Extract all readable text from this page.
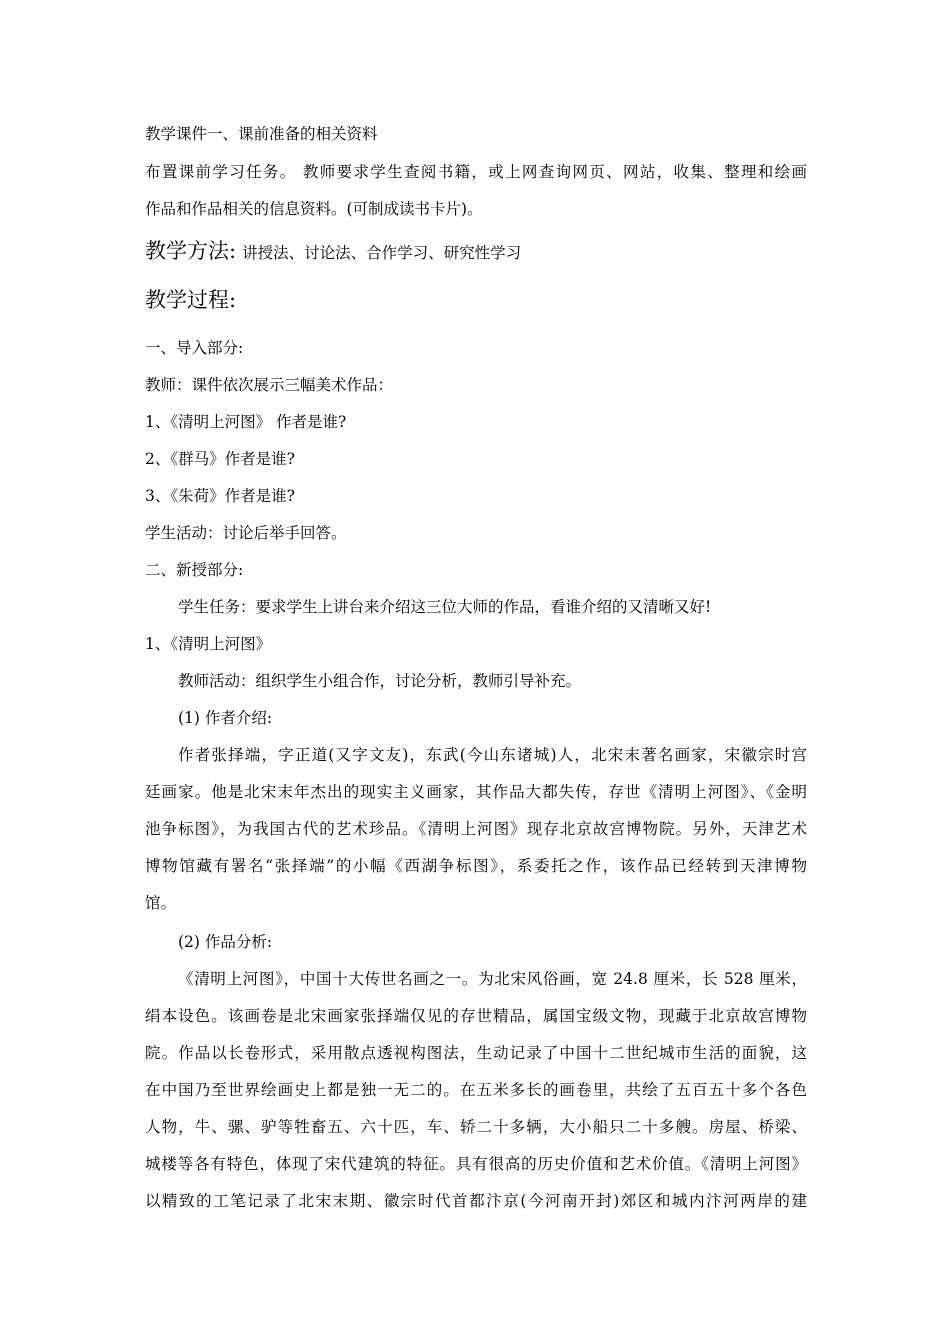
教学课件一、课前准备的相关资料
布置课前学习任务。 教师要求学生查阅书籍，或上网查询网页、网站，收集、整理和绘画
作品和作品相关的信息资料。(可制成读书卡片)。
教学方法: 讲授法、讨论法、合作学习、研究性学习
教学过程:
一、导入部分:
教师：课件依次展示三幅美术作品：
1、《清明上河图》 作者是谁?
2、《群马》作者是谁?
3、《朱荷》作者是谁?
学生活动：讨论后举手回答。
二、新授部分:
学生任务：要求学生上讲台来介绍这三位大师的作品，看谁介绍的又清晰又好!
1、《清明上河图》
教师活动：组织学生小组合作，讨论分析，教师引导补充。
(1) 作者介绍:
作者张择端，字正道(又字文友)，东武(今山东诸城)人，北宋末著名画家，宋徽宗时宫
廷画家。他是北宋末年杰出的现实主义画家，其作品大都失传，存世《清明上河图》、《金明
池争标图》，为我国古代的艺术珍品。《清明上河图》现存北京故宫博物院。另外，天津艺术
博物馆藏有署名“张择端”的小幅《西湖争标图》，系委托之作，该作品已经转到天津博物
馆。
(2) 作品分析:
《清明上河图》，中国十大传世名画之一。为北宋风俗画，宽 24.8 厘米，长 528 厘米，
绢本设色。该画卷是北宋画家张择端仅见的存世精品，属国宝级文物，现藏于北京故宫博物
院。作品以长卷形式，采用散点透视构图法，生动记录了中国十二世纪城市生活的面貌，这
在中国乃至世界绘画史上都是独一无二的。在五米多长的画卷里，共绘了五百五十多个各色
人物，牛、骡、驴等牲畜五、六十匹，车、轿二十多辆，大小船只二十多艘。房屋、桥梁、
城楼等各有特色，体现了宋代建筑的特征。具有很高的历史价值和艺术价值。《清明上河图》
以精致的工笔记录了北宋末期、徽宗时代首都汴京(今河南开封)郊区和城内汴河两岸的建
